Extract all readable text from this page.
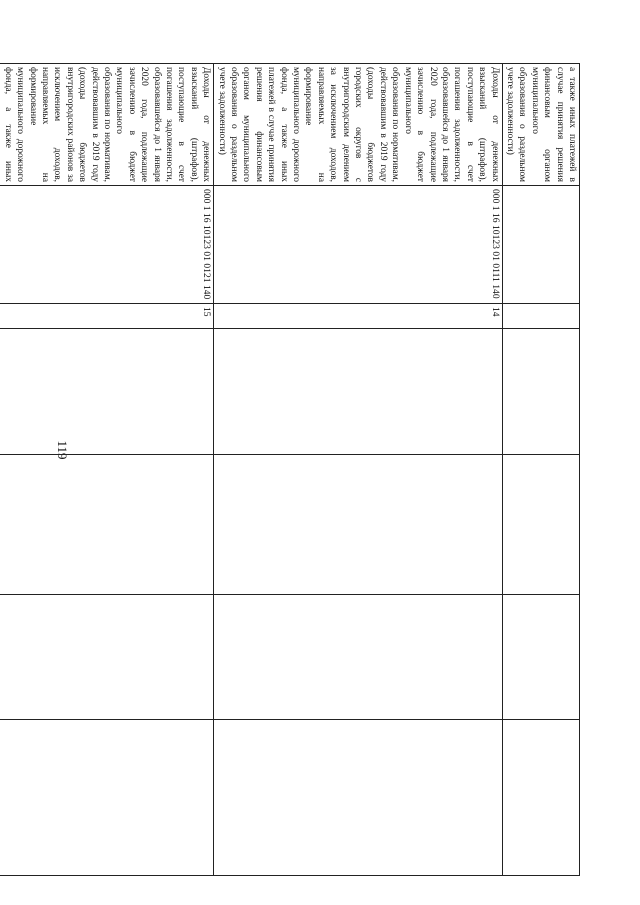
119
а также иных платежей в случае принятия решения финансовым органом муниципального образования о раздельном учете задолженности)						
Доходы от денежных взысканий (штрафов), поступающие в счет погашения задолженности, образовавшейся до 1 января 2020 года, подлежащие зачислению в бюджет муниципального образования по нормативам, действовавшим в 2019 году (доходы бюджетов городских округов с внутригородским делением за исключением доходов, направляемых на формирование муниципального дорожного фонда, а также иных платежей в случае принятия решения финансовым органом муниципального образования о раздельном учете задолженности)	000 1 16 10123 01 0111 140	14				
Доходы от денежных взысканий (штрафов), поступающие в счет погашения задолженности, образовавшейся до 1 января 2020 года, подлежащие зачислению в бюджет муниципального образования по нормативам, действовавшим в 2019 году (доходы бюджетов внутригородских районов за исключением доходов, направляемых на формирование муниципального дорожного фонда, а также иных	000 1 16 10123 01 0121 140	15				
